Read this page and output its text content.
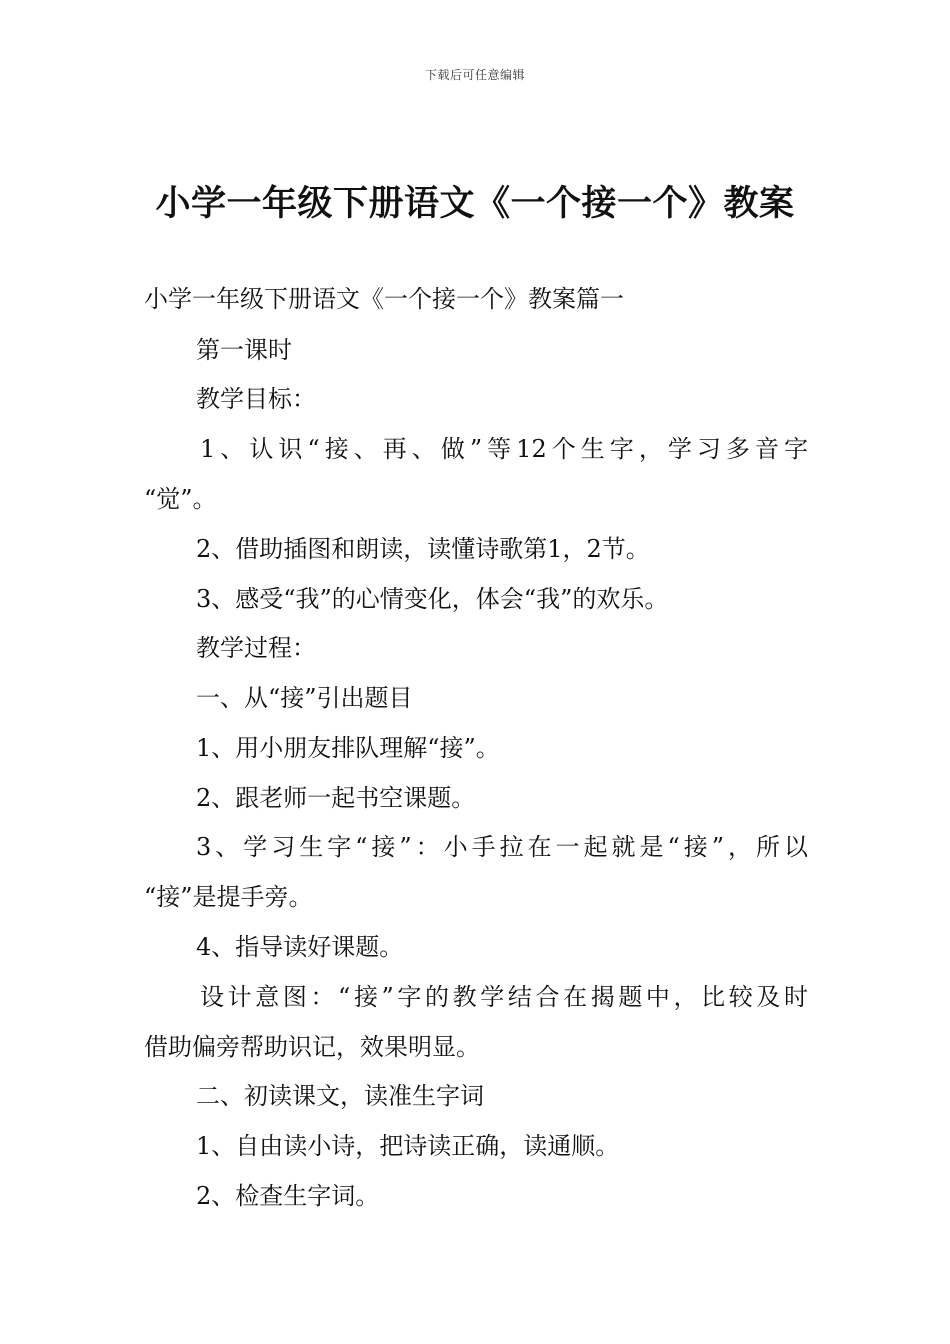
下载后可任意编辑
小学一年级下册语文《一个接一个》教案

小学一年级下册语文《一个接一个》教案篇一

第一课时

教学目标：

1、认识“接、再、做”等12个生字，学习多音字

“觉”。

2、借助插图和朗读，读懂诗歌第1，2节。

3、感受“我”的心情变化，体会“我”的欢乐。

教学过程：

一、从“接”引出题目

1、用小朋友排队理解“接”。

2、跟老师一起书空课题。

3、学习生字“接”：小手拉在一起就是“接”，所以

“接”是提手旁。

4、指导读好课题。

设计意图：“接”字的教学结合在揭题中，比较及时

借助偏旁帮助识记，效果明显。

二、初读课文，读准生字词

1、自由读小诗，把诗读正确，读通顺。

2、检查生字词。
